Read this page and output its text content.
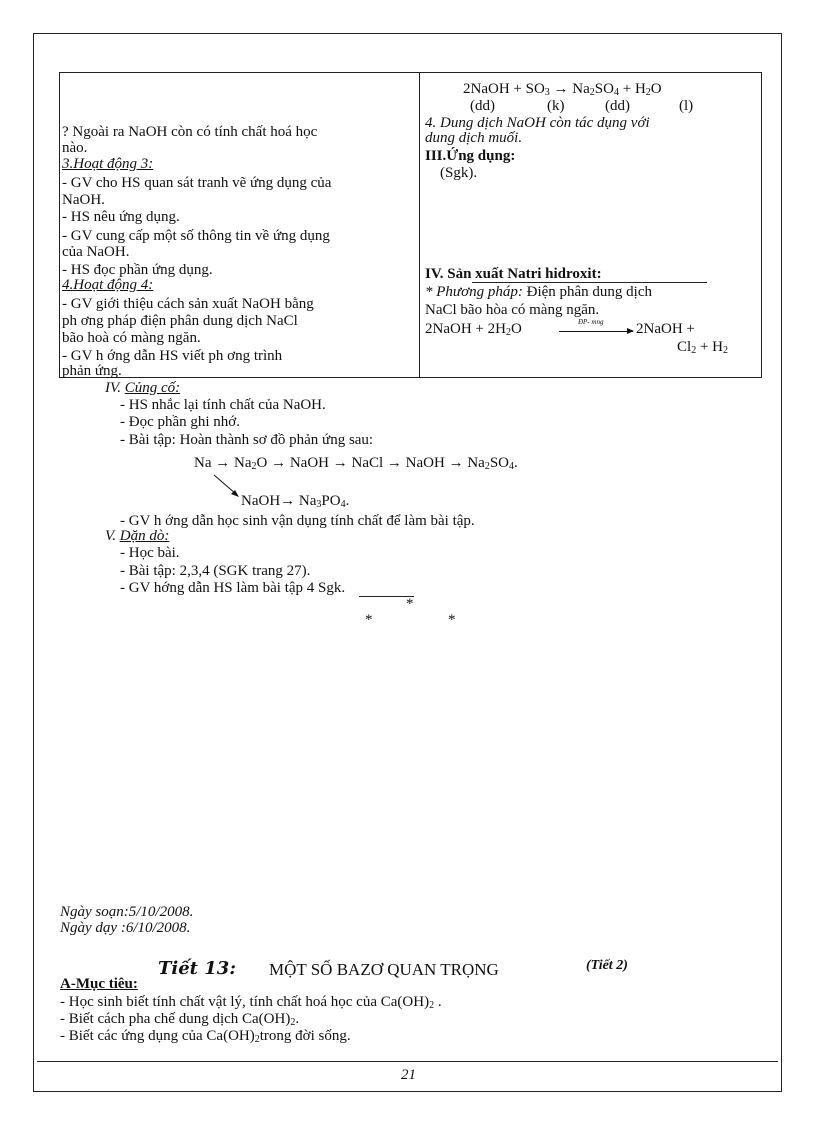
? Ngoài ra NaOH còn có tính chất hoá học
nào.
3.Hoạt động 3:
- GV cho HS quan sát tranh vẽ ứng dụng của
NaOH.
- HS nêu ứng dụng.
- GV cung cấp một số thông tin về ứng dụng
của NaOH.
- HS đọc phần ứng dụng.
4.Hoạt động 4:
- GV giới thiệu cách sản xuất NaOH bằng
ph ơng pháp điện phân dung dịch NaCl
bão hoà có màng ngăn.
- GV h ớng dẫn HS viết ph ơng trình
phản ứng.
2NaOH + $SO_3 \to Na_2SO_4 + H_2O$
(dd)	(k)	(dd)	(l)
4. Dung dịch NaOH còn tác dụng với
dung dịch muối.
III.Ứng dụng:
(Sgk).
IV. Sản xuất Natri hidroxit:
* Phương pháp: Điện phân dung dịch
NaCl bão hòa có màng ngăn.
2NaOH + $2H_2O$	ĐP- mng 2NaOH +
$Cl_2 + H_2$
IV. Củng cố:
- HS nhắc lại tính chất của NaOH.
- Đọc phần ghi nhớ.
- Bài tập: Hoàn thành sơ đồ phản ứng sau:
$Na \to Na_2O$ → NaOH → NaCl → NaOH → $Na_2SO_4$.
NaOH→ $Na_3PO_4$.
- GV h ớng dẫn học sinh vận dụng tính chất để làm bài tập.
V. Dặn dò:
- Học bài.
- Bài tập: 2,3,4 (SGK trang 27).
- GV hớng dẫn HS làm bài tập 4 Sgk.
*
*	*
Ngày soạn:5/10/2008.
Ngày dạy :6/10/2008.
Tiết 13: MỘT SỐ BAZƠ QUAN TRỌNG	(Tiết 2)
A-Mục tiêu:
- Học sinh biết tính chất vật lý, tính chất hoá học của $Ca(OH)_2$ .
- Biết cách pha chế dung dịch $Ca(OH)_2$.
- Biết các ứng dụng của $Ca(OH)_2trong$ đời sống.
21
